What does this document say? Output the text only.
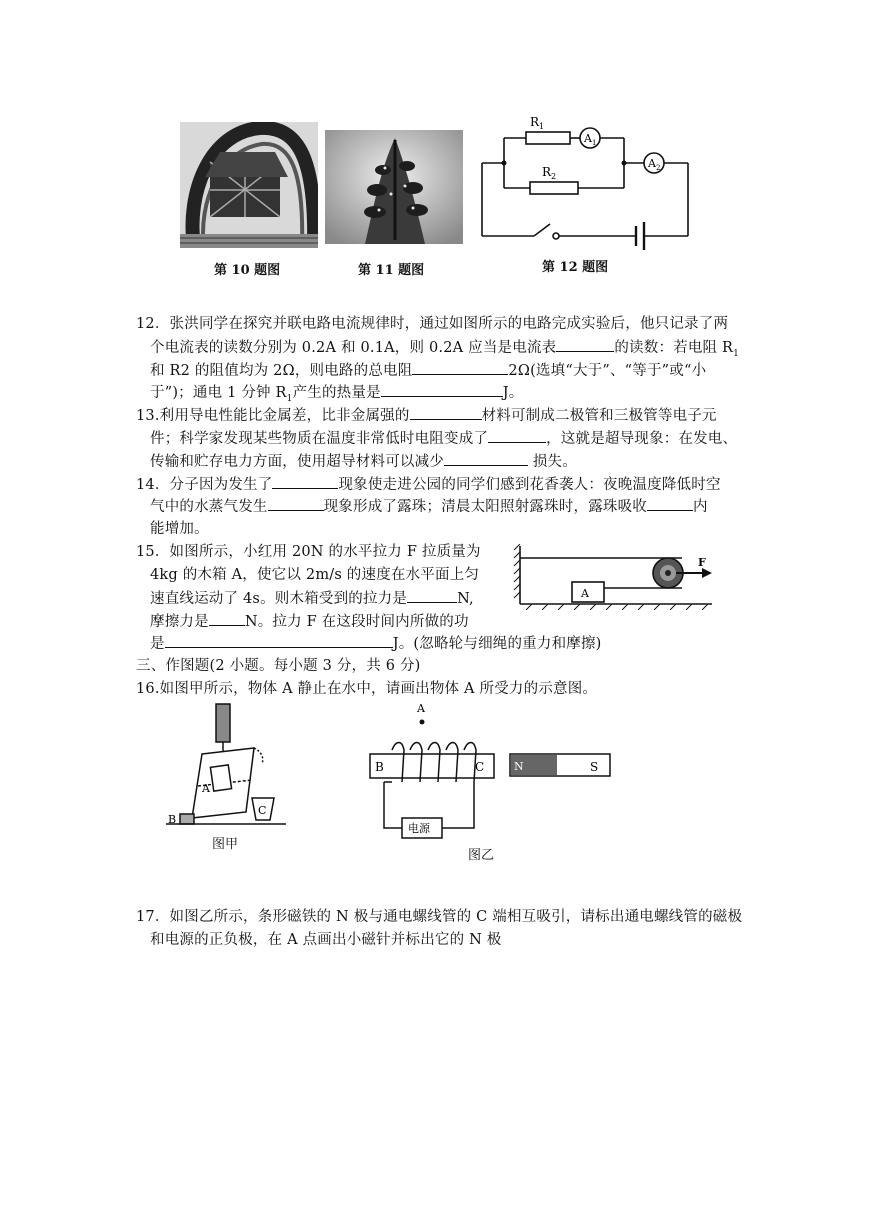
第 10 题图	第 11 题图
$R_1$
$R_2$
$A_1$
$A_2$
第 12 题图
12．张洪同学在探究并联电路电流规律时，通过如图所示的电路完成实验后，他只记录了两
个电流表的读数分别为 0.2A 和 0.1A，则 0.2A 应当是电流表	的读数：若电阻 $R_1$
和 R2 的阻值均为 2Ω，则电路的总电阻	2Ω(选填“大于”、“等于”或“小
于”)；通电 1 分钟 $R_1$产生的热量是	J。
13.利用导电性能比金属差，比非金属强的	材料可制成二极管和三极管等电子元
件；科学家发现某些物质在温度非常低时电阻变成了	，这就是超导现象：在发电、
传输和贮存电力方面，使用超导材料可以减少	损失。
14．分子因为发生了	现象使走进公园的同学们感到花香袭人：夜晚温度降低时空
气中的水蒸气发生	现象形成了露珠；清晨太阳照射露珠时，露珠吸收	内
能增加。
15．如图所示，小红用 20N 的水平拉力 F 拉质量为
4kg 的木箱 A，使它以 2m/s 的速度在水平面上匀
速直线运动了 4s。则木箱受到的拉力是	N,
摩擦力是 N。拉力 F 在这段时间内所做的功
是	J。(忽略轮与细绳的重力和摩擦)
A
F
三、作图题(2 小题。每小题 3 分，共 6 分)
16.如图甲所示，物体 A 静止在水中，请画出物体 A 所受力的示意图。
A
B
C
图甲
A
B	C
电源
N	S
图乙
17．如图乙所示，条形磁铁的 N 极与通电螺线管的 C 端相互吸引，请标出通电螺线管的磁极
和电源的正负极，在 A 点画出小磁针并标出它的 N 极
